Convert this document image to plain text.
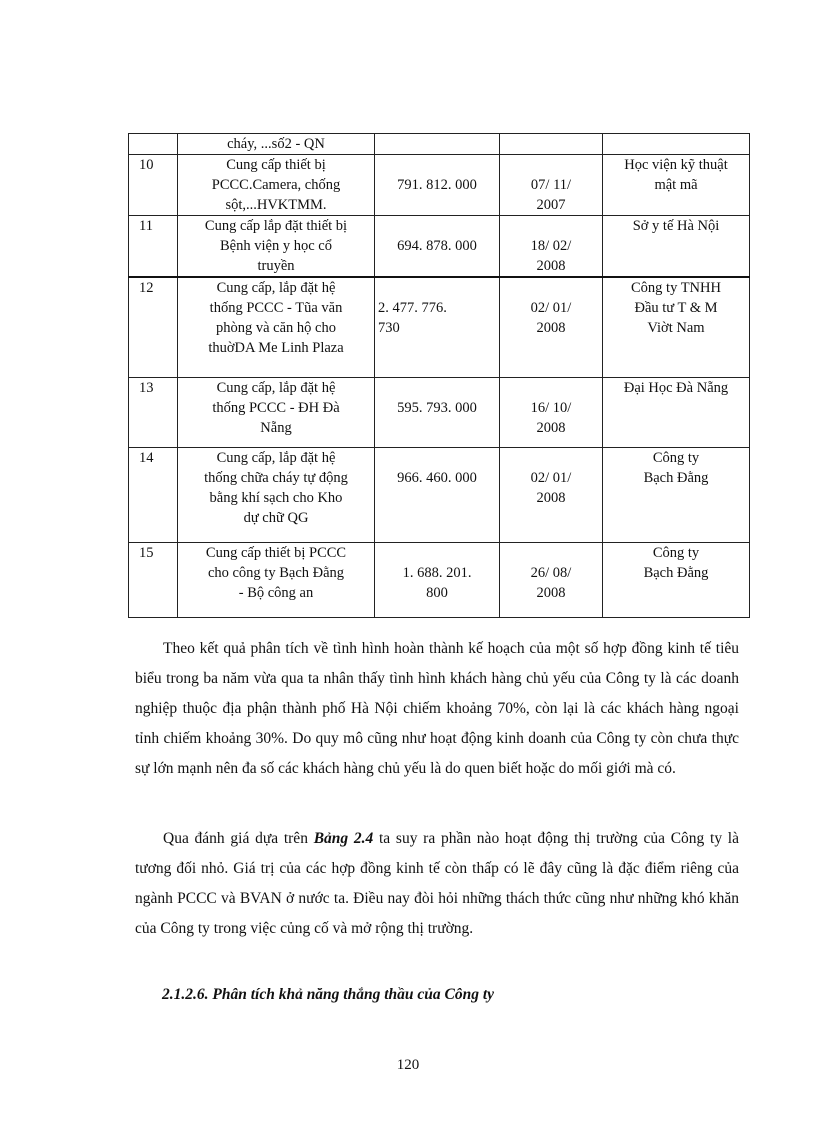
	cháy, ...số2 - QN			

10	Cung cấp thiết bị
PCCC.Camera, chống
sột,...HVKTMM.	791. 812. 000	07/ 11/
2007	Học viện kỹ thuật
mật mã

11	Cung cấp lắp đặt thiết bị
Bệnh viện y học cổ
truyền	694. 878. 000	18/ 02/
2008	Sở y tế Hà Nội

12	Cung cấp, lắp đặt hệ
thống PCCC - Tũa văn
phòng và căn hộ cho
thuờDA Me Linh Plaza	2. 477. 776.
730	02/ 01/
2008	Công ty TNHH
Đầu tư T & M
Viờt Nam

13	Cung cấp, lắp đặt hệ
thống PCCC - ĐH Đà
Nẵng	595. 793. 000	16/ 10/
2008	Đại Học Đà Nẵng

14	Cung cấp, lắp đặt hệ
thống chữa cháy tự động
bằng khí sạch cho Kho
dự chữ QG	966. 460. 000	02/ 01/
2008	Công ty
Bạch Đằng

15	Cung cấp thiết bị PCCC
cho công ty Bạch Đằng
- Bộ công an	1. 688. 201.
800	26/ 08/
2008	Công ty
Bạch Đằng
Theo kết quả phân tích về tình hình hoàn thành kế hoạch của một số hợp đồng kinh tế tiêu biểu trong ba năm vừa qua ta nhân thấy tình hình khách hàng chủ yếu của Công ty là các doanh nghiệp thuộc địa phận thành phố Hà Nội chiếm khoảng 70%, còn lại là các khách hàng ngoại tỉnh chiếm khoảng 30%. Do quy mô cũng như hoạt động kinh doanh của Công ty còn chưa thực sự lớn mạnh nên đa số các khách hàng chủ yếu là do quen biết hoặc do mối giới mà có.
Qua đánh giá dựa trên Bảng 2.4 ta suy ra phần nào hoạt động thị trường của Công ty là tương đối nhỏ. Giá trị của các hợp đồng kinh tế còn thấp có lẽ đây cũng là đặc điểm riêng của ngành PCCC và BVAN ở nước ta. Điều nay đòi hỏi những thách thức cũng như những khó khăn của Công ty trong việc củng cố và mở rộng thị trường.
2.1.2.6. Phân tích khả năng thắng thầu của Công ty
120
